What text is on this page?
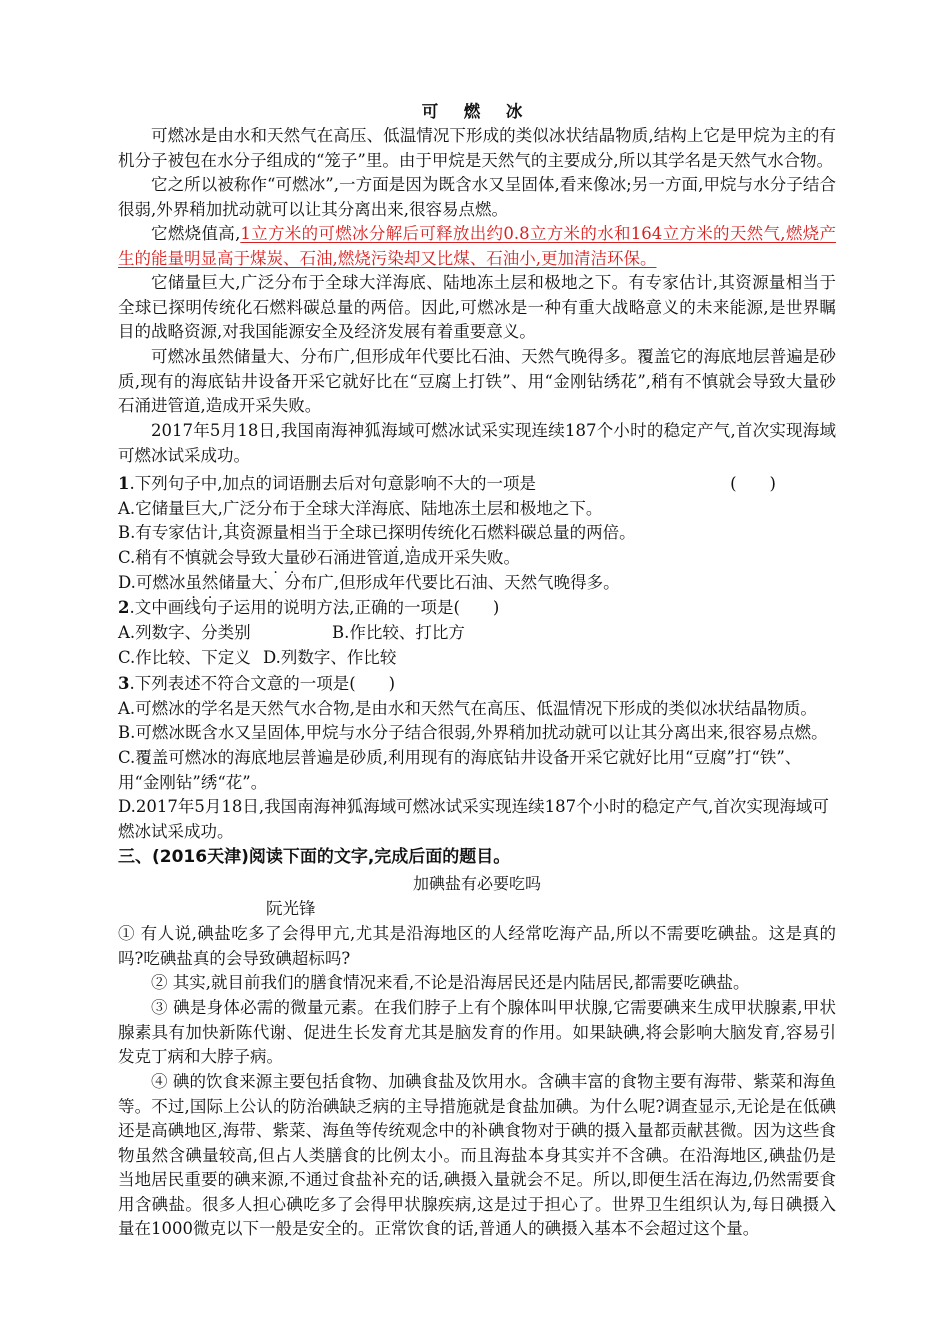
可 燃 冰

可燃冰是由水和天然气在高压、低温情况下形成的类似冰状结晶物质,结构上它是甲烷为主的有机分子被包在水分子组成的“笼子”里。由于甲烷是天然气的主要成分,所以其学名是天然气水合物。

它之所以被称作“可燃冰”,一方面是因为既含水又呈固体,看来像冰;另一方面,甲烷与水分子结合很弱,外界稍加扰动就可以让其分离出来,很容易点燃。

它燃烧值高,1立方米的可燃冰分解后可释放出约0.8立方米的水和164立方米的天然气,燃烧产生的能量明显高于煤炭、石油,燃烧污染却又比煤、石油小,更加清洁环保。

它储量巨大,广泛分布于全球大洋海底、陆地冻土层和极地之下。有专家估计,其资源量相当于全球已探明传统化石燃料碳总量的两倍。因此,可燃冰是一种有重大战略意义的未来能源,是世界瞩目的战略资源,对我国能源安全及经济发展有着重要意义。

可燃冰虽然储量大、分布广,但形成年代要比石油、天然气晚得多。覆盖它的海底地层普遍是砂质,现有的海底钻井设备开采它就好比在“豆腐上打铁”、用“金刚钻绣花”,稍有不慎就会导致大量砂石涌进管道,造成开采失败。

2017年5月18日,我国南海神狐海域可燃冰试采实现连续187个小时的稳定产气,首次实现海域可燃冰试采成功。

1.下列句子中,加点的词语删去后对句意影响不大的一项是	(　　)
A.它储量巨大,广泛分布于全球大洋海底、陆地冻土层和极地之下。
B.有专家估计,其资源量相当于全球已探明传统化石燃料碳总量的两倍。
C.稍有不慎就会导致大量砂石涌进管道,造成开采失败。
D.可燃冰虽然储量大、分布广,但形成年代要比石油、天然气晚得多。
2.文中画线句子运用的说明方法,正确的一项是(　　)
A.列数字、分类别	B.作比较、打比方
C.作比较、下定义 D.列数字、作比较
3.下列表述不符合文意的一项是(　　)
A.可燃冰的学名是天然气水合物,是由水和天然气在高压、低温情况下形成的类似冰状结晶物质。
B.可燃冰既含水又呈固体,甲烷与水分子结合很弱,外界稍加扰动就可以让其分离出来,很容易点燃。
C.覆盖可燃冰的海底地层普遍是砂质,利用现有的海底钻井设备开采它就好比用“豆腐”打“铁”、用“金刚钻”绣“花”。
D.2017年5月18日,我国南海神狐海域可燃冰试采实现连续187个小时的稳定产气,首次实现海域可燃冰试采成功。
三、(2016天津)阅读下面的文字,完成后面的题目。
加碘盐有必要吃吗
阮光锋

① 有人说,碘盐吃多了会得甲亢,尤其是沿海地区的人经常吃海产品,所以不需要吃碘盐。这是真的吗?吃碘盐真的会导致碘超标吗?

② 其实,就目前我们的膳食情况来看,不论是沿海居民还是内陆居民,都需要吃碘盐。

③ 碘是身体必需的微量元素。在我们脖子上有个腺体叫甲状腺,它需要碘来生成甲状腺素,甲状腺素具有加快新陈代谢、促进生长发育尤其是脑发育的作用。如果缺碘,将会影响大脑发育,容易引发克丁病和大脖子病。

④ 碘的饮食来源主要包括食物、加碘食盐及饮用水。含碘丰富的食物主要有海带、紫菜和海鱼等。不过,国际上公认的防治碘缺乏病的主导措施就是食盐加碘。为什么呢?调查显示,无论是在低碘还是高碘地区,海带、紫菜、海鱼等传统观念中的补碘食物对于碘的摄入量都贡献甚微。因为这些食物虽然含碘量较高,但占人类膳食的比例太小。而且海盐本身其实并不含碘。在沿海地区,碘盐仍是当地居民重要的碘来源,不通过食盐补充的话,碘摄入量就会不足。所以,即便生活在海边,仍然需要食用含碘盐。很多人担心碘吃多了会得甲状腺疾病,这是过于担心了。世界卫生组织认为,每日碘摄入量在1000微克以下一般是安全的。正常饮食的话,普通人的碘摄入基本不会超过这个量。
